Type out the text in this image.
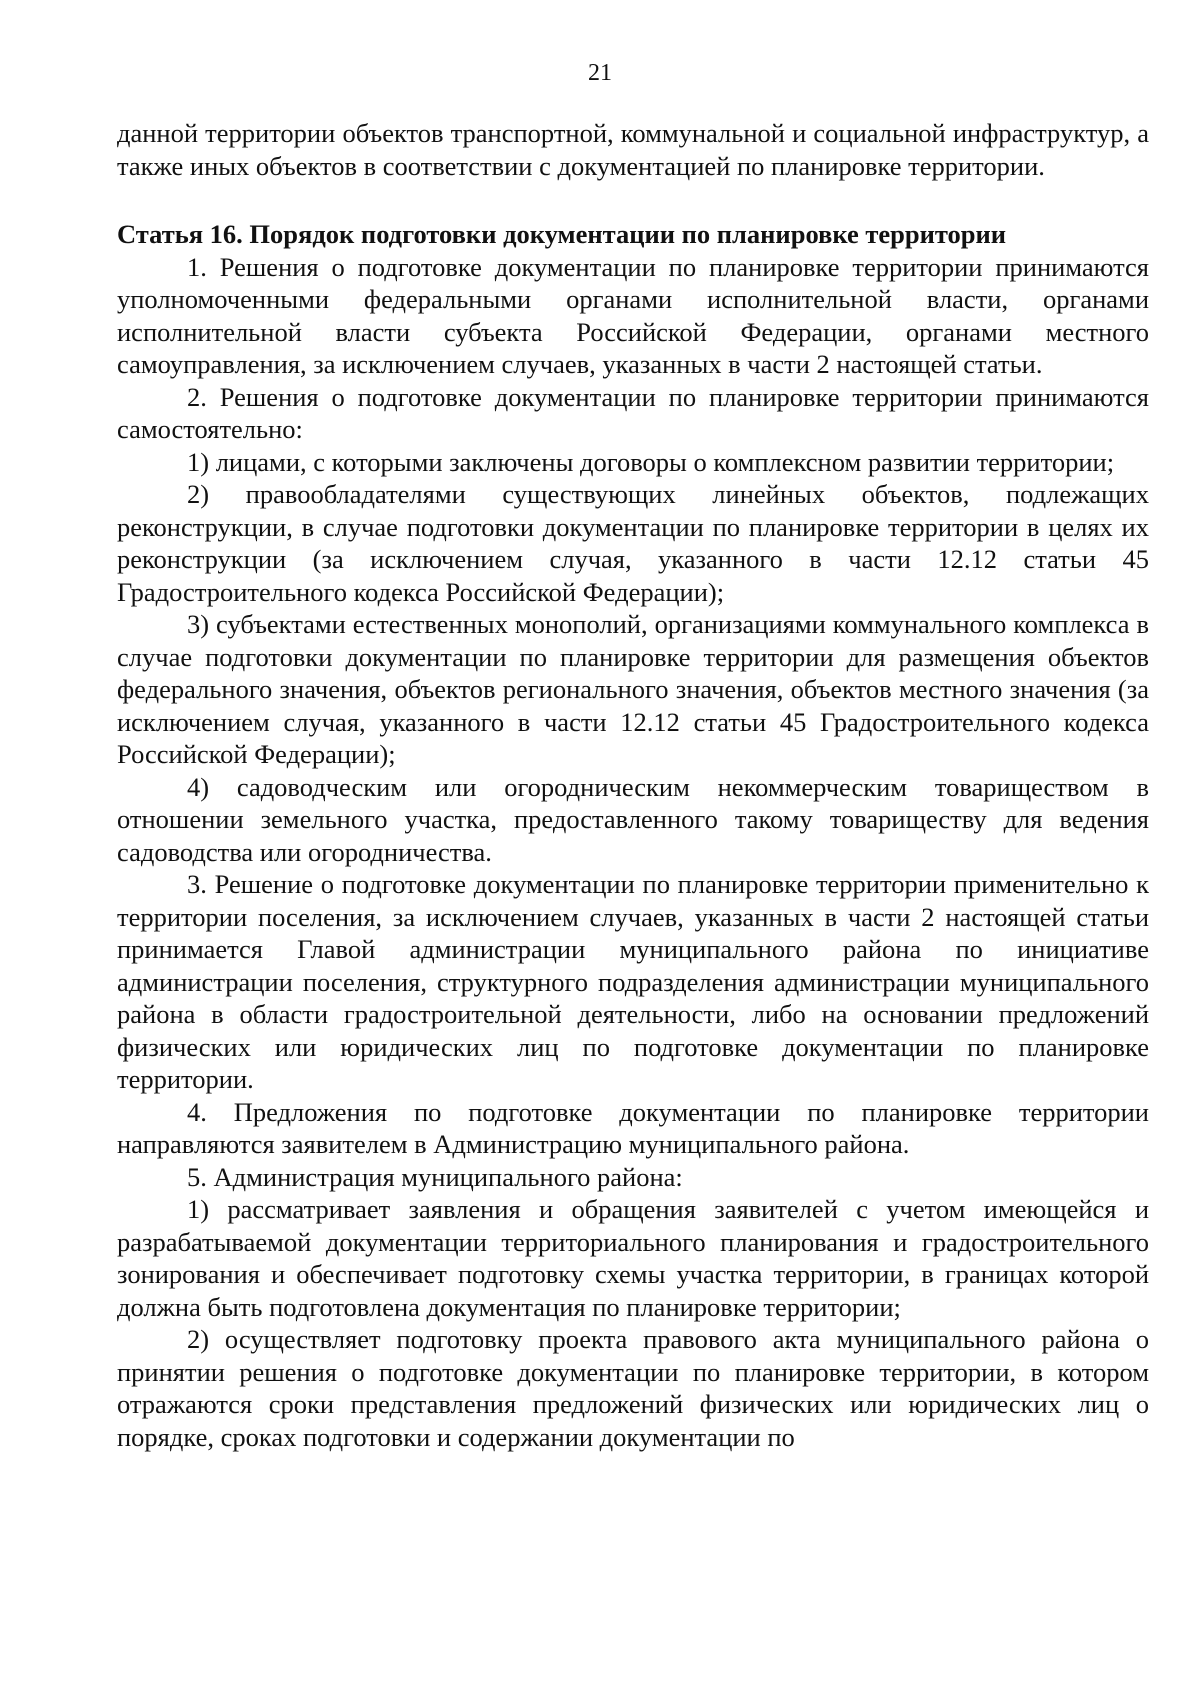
21

данной территории объектов транспортной, коммунальной и социальной инфраструктур, а также иных объектов в соответствии с документацией по планировке территории.

Статья 16. Порядок подготовки документации по планировке территории

1. Решения о подготовке документации по планировке территории принимаются уполномоченными федеральными органами исполнительной власти, органами исполнительной власти субъекта Российской Федерации, органами местного самоуправления, за исключением случаев, указанных в части 2 настоящей статьи.

2. Решения о подготовке документации по планировке территории принимаются самостоятельно:

1) лицами, с которыми заключены договоры о комплексном развитии территории;

2) правообладателями существующих линейных объектов, подлежащих реконструкции, в случае подготовки документации по планировке территории в целях их реконструкции (за исключением случая, указанного в части 12.12 статьи 45 Градостроительного кодекса Российской Федерации);

3) субъектами естественных монополий, организациями коммунального комплекса в случае подготовки документации по планировке территории для размещения объектов федерального значения, объектов регионального значения, объектов местного значения (за исключением случая, указанного в части 12.12 статьи 45 Градостроительного кодекса Российской Федерации);

4) садоводческим или огородническим некоммерческим товариществом в отношении земельного участка, предоставленного такому товариществу для ведения садоводства или огородничества.

3. Решение о подготовке документации по планировке территории применительно к территории поселения, за исключением случаев, указанных в части 2 настоящей статьи принимается Главой администрации муниципального района по инициативе администрации поселения, структурного подразделения администрации муниципального района в области градостроительной деятельности, либо на основании предложений физических или юридических лиц по подготовке документации по планировке территории.

4. Предложения по подготовке документации по планировке территории направляются заявителем в Администрацию муниципального района.

5. Администрация муниципального района:

1) рассматривает заявления и обращения заявителей с учетом имеющейся и разрабатываемой документации территориального планирования и градостроительного зонирования и обеспечивает подготовку схемы участка территории, в границах которой должна быть подготовлена документация по планировке территории;

2) осуществляет подготовку проекта правового акта муниципального района о принятии решения о подготовке документации по планировке территории, в котором отражаются сроки представления предложений физических или юридических лиц о порядке, сроках подготовки и содержании документации по
